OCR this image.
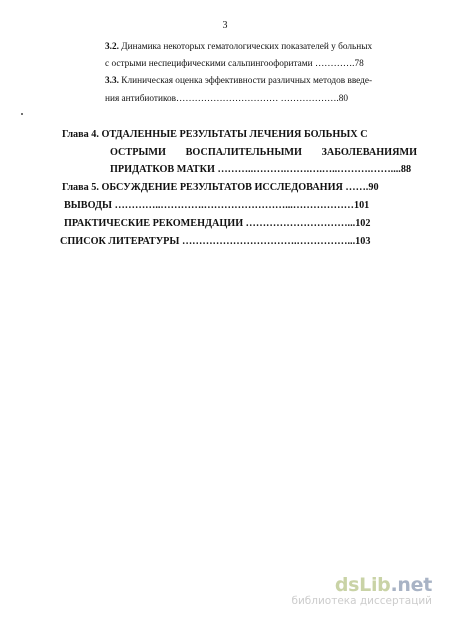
3
3.2. Динамика некоторых гематологических показателей у больных
с острыми неспецифическими сальпингоофоритами ………….78
3.3. Клиническая оценка эффективности различных методов введе-
ния антибиотиков…………………………… ……………….80
Глава 4. ОТДАЛЕННЫЕ РЕЗУЛЬТАТЫ ЛЕЧЕНИЯ БОЛЬНЫХ С
ОСТРЫМИ ВОСПАЛИТЕЛЬНЫМИ ЗАБОЛЕВАНИЯМИ
ПРИДАТКОВ МАТКИ ………..……….…….….…..……….……....88
Глава 5. ОБСУЖДЕНИЕ РЕЗУЛЬТАТОВ ИССЛЕДОВАНИЯ …….90
ВЫВОДЫ …………..………….……………………...………………101
ПРАКТИЧЕСКИЕ РЕКОМЕНДАЦИИ …………………………...102
СПИСОК ЛИТЕРАТУРЫ …………………………….……………...103
dsLib.net
библиотека диссертаций
